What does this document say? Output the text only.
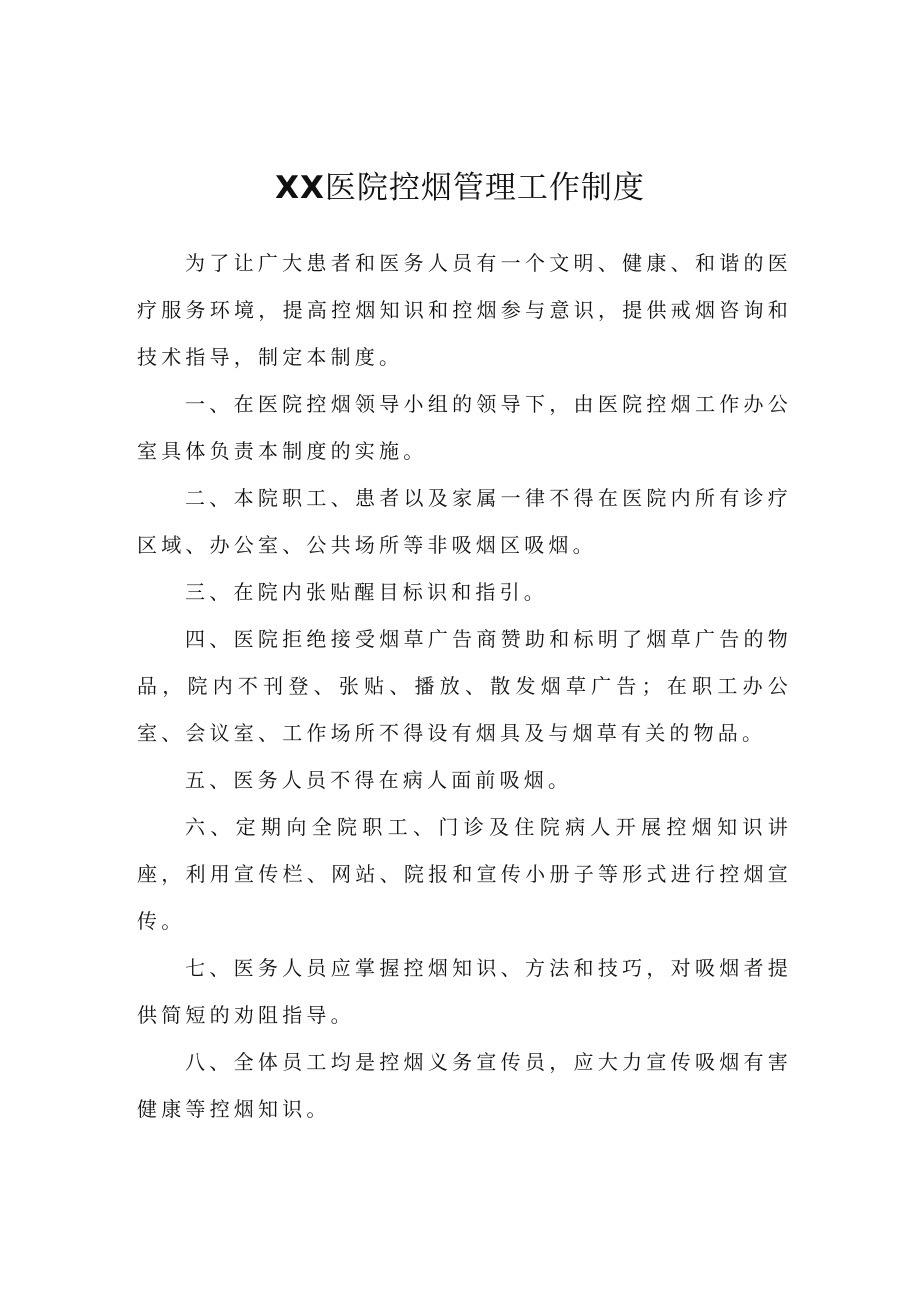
XX医院控烟管理工作制度

为了让广大患者和医务人员有一个文明、健康、和谐的医疗服务环境，提高控烟知识和控烟参与意识，提供戒烟咨询和技术指导，制定本制度。

一、在医院控烟领导小组的领导下，由医院控烟工作办公室具体负责本制度的实施。

二、本院职工、患者以及家属一律不得在医院内所有诊疗区域、办公室、公共场所等非吸烟区吸烟。

三、在院内张贴醒目标识和指引。

四、医院拒绝接受烟草广告商赞助和标明了烟草广告的物品，院内不刊登、张贴、播放、散发烟草广告；在职工办公室、会议室、工作场所不得设有烟具及与烟草有关的物品。

五、医务人员不得在病人面前吸烟。

六、定期向全院职工、门诊及住院病人开展控烟知识讲座，利用宣传栏、网站、院报和宣传小册子等形式进行控烟宣传。

七、医务人员应掌握控烟知识、方法和技巧，对吸烟者提供简短的劝阻指导。

八、全体员工均是控烟义务宣传员，应大力宣传吸烟有害健康等控烟知识。
